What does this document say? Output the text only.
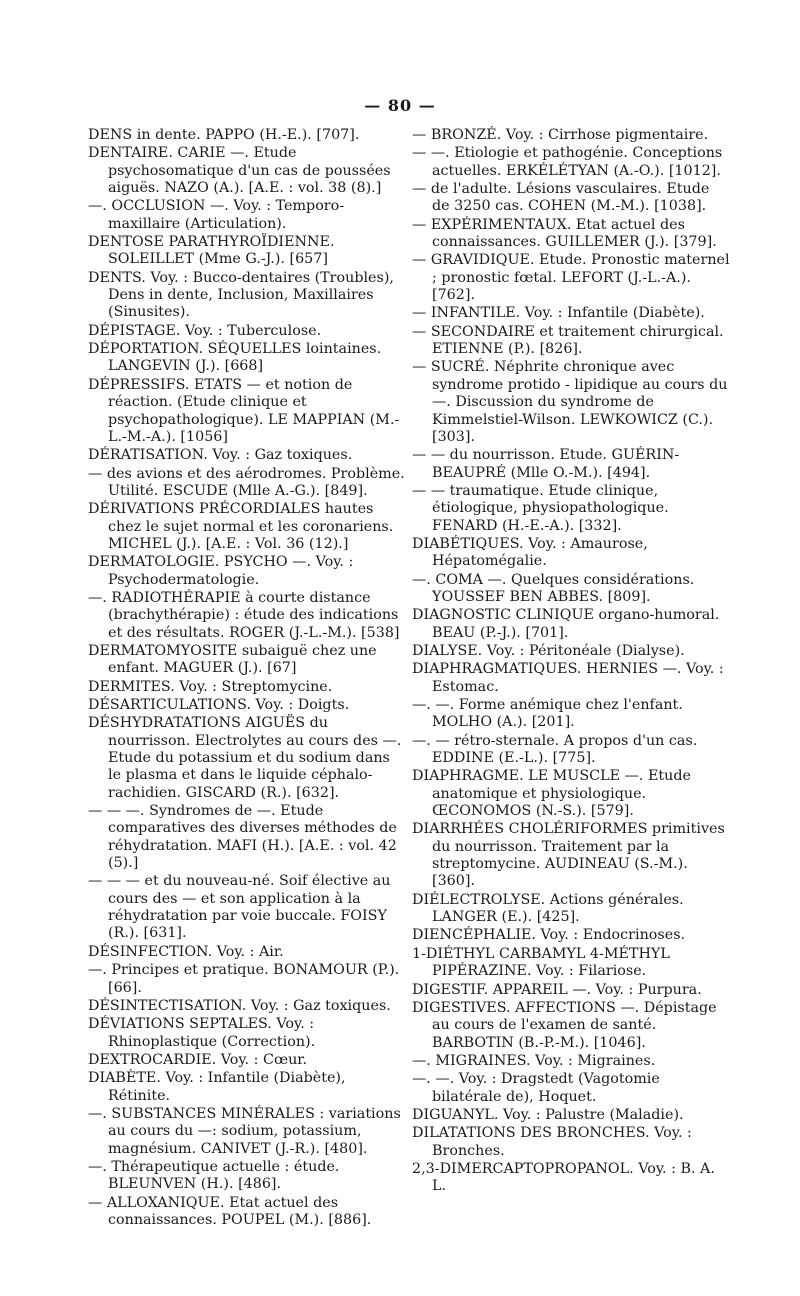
— 80 —

DENS in dente. PAPPO (H.-E.). [707].

DENTAIRE. CARIE —. Etude psychosomatique d'un cas de poussées aiguës. NAZO (A.). [A.E. : vol. 38 (8).]

—. OCCLUSION —. Voy. : Temporo-maxillaire (Articulation).

DENTOSE PARATHYROÏDIENNE. SOLEILLET (Mme G.-J.). [657]

DENTS. Voy. : Bucco-dentaires (Troubles), Dens in dente, Inclusion, Maxillaires (Sinusites).

DÉPISTAGE. Voy. : Tuberculose.

DÉPORTATION. SÉQUELLES lointaines. LANGEVIN (J.). [668]

DÉPRESSIFS. ETATS — et notion de réaction. (Etude clinique et psychopathologique). LE MAPPIAN (M.-L.-M.-A.). [1056]

DÉRATISATION. Voy. : Gaz toxiques.

— des avions et des aérodromes. Problème. Utilité. ESCUDE (Mlle A.-G.). [849].

DÉRIVATIONS PRÉCORDIALES hautes chez le sujet normal et les coronariens. MICHEL (J.). [A.E. : Vol. 36 (12).]

DERMATOLOGIE. PSYCHO —. Voy. : Psychodermatologie.

—. RADIOTHÉRAPIE à courte distance (brachythérapie) : étude des indications et des résultats. ROGER (J.-L.-M.). [538]

DERMATOMYOSITE subaiguë chez une enfant. MAGUER (J.). [67]

DERMITES. Voy. : Streptomycine.

DÉSARTICULATIONS. Voy. : Doigts.

DÉSHYDRATATIONS AIGUËS du nourrisson. Electrolytes au cours des —. Etude du potassium et du sodium dans le plasma et dans le liquide céphalo-rachidien. GISCARD (R.). [632].

— — —. Syndromes de —. Etude comparatives des diverses méthodes de réhydratation. MAFI (H.). [A.E. : vol. 42 (5).]

— — — et du nouveau-né. Soif élective au cours des — et son application à la réhydratation par voie buccale. FOISY (R.). [631].

DÉSINFECTION. Voy. : Air.

—. Principes et pratique. BONAMOUR (P.). [66].

DÉSINTECTISATION. Voy. : Gaz toxiques.

DÉVIATIONS SEPTALES. Voy. : Rhinoplastique (Correction).

DEXTROCARDIE. Voy. : Cœur.

DIABÈTE. Voy. : Infantile (Diabète), Rétinite.

—. SUBSTANCES MINÉRALES : variations au cours du —: sodium, potassium, magnésium. CANIVET (J.-R.). [480].

—. Thérapeutique actuelle : étude. BLEUNVEN (H.). [486].

— ALLOXANIQUE. Etat actuel des connaissances. POUPEL (M.). [886].

— BRONZÉ. Voy. : Cirrhose pigmentaire.

— —. Etiologie et pathogénie. Conceptions actuelles. ERKÉLÉTYAN (A.-O.). [1012].

— de l'adulte. Lésions vasculaires. Etude de 3250 cas. COHEN (M.-M.). [1038].

— EXPÉRIMENTAUX. Etat actuel des connaissances. GUILLEMER (J.). [379].

— GRAVIDIQUE. Etude. Pronostic maternel ; pronostic fœtal. LEFORT (J.-L.-A.). [762].

— INFANTILE. Voy. : Infantile (Diabète).

— SECONDAIRE et traitement chirurgical. ETIENNE (P.). [826].

— SUCRÉ. Néphrite chronique avec syndrome protido - lipidique au cours du —. Discussion du syndrome de Kimmelstiel-Wilson. LEWKOWICZ (C.). [303].

— — du nourrisson. Etude. GUÉRIN-BEAUPRÉ (Mlle O.-M.). [494].

— — traumatique. Etude clinique, étiologique, physiopathologique. FENARD (H.-E.-A.). [332].

DIABÉTIQUES. Voy. : Amaurose, Hépatomégalie.

—. COMA —. Quelques considérations. YOUSSEF BEN ABBES. [809].

DIAGNOSTIC CLINIQUE organo-humoral. BEAU (P.-J.). [701].

DIALYSE. Voy. : Péritonéale (Dialyse).

DIAPHRAGMATIQUES. HERNIES —. Voy. : Estomac.

—. —. Forme anémique chez l'enfant. MOLHO (A.). [201].

—. — rétro-sternale. A propos d'un cas. EDDINE (E.-L.). [775].

DIAPHRAGME. LE MUSCLE —. Etude anatomique et physiologique. ŒCONOMOS (N.-S.). [579].

DIARRHÉES CHOLÉRIFORMES primitives du nourrisson. Traitement par la streptomycine. AUDINEAU (S.-M.). [360].

DIÉLECTROLYSE. Actions générales. LANGER (E.). [425].

DIENCÉPHALIE. Voy. : Endocrinoses.

1-DIÉTHYL CARBAMYL 4-MÉTHYL PIPÉRAZINE. Voy. : Filariose.

DIGESTIF. APPAREIL —. Voy. : Purpura.

DIGESTIVES. AFFECTIONS —. Dépistage au cours de l'examen de santé. BARBOTIN (B.-P.-M.). [1046].

—. MIGRAINES. Voy. : Migraines.

—. —. Voy. : Dragstedt (Vagotomie bilatérale de), Hoquet.

DIGUANYL. Voy. : Palustre (Maladie).

DILATATIONS DES BRONCHES. Voy. : Bronches.

2,3-DIMERCAPTOPROPANOL. Voy. : B. A. L.
